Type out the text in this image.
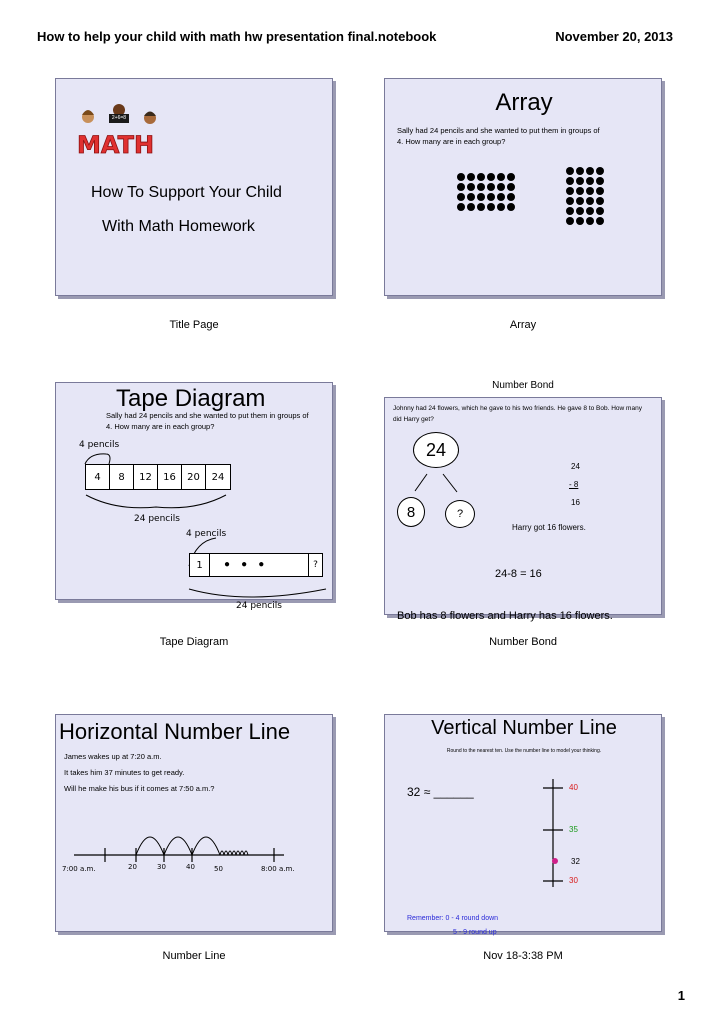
How to help your child with math hw presentation final.notebook	November 20, 2013
MATH
2+6=8
How To Support Your Child
With Math Homework
Title Page
Array
Sally had 24 pencils and she wanted to put them in groups of 4. How many are in each group?
Array
Tape Diagram
Sally had 24 pencils and she wanted to put them in groups of 4. How many are in each group?
4 pencils
4	8	12	16	20	24
24 pencils
4 pencils
1	●    ●    ●	?
24 pencils
Tape Diagram
Number Bond
Johnny had 24 flowers, which he gave to his two friends. He gave 8 to Bob. How many did Harry get?
24
8	?
24
- 8
16
Harry got 16 flowers.
24-8 = 16
Bob has 8 flowers and Harry has 16 flowers.
Number Bond
Horizontal Number Line
James wakes up at 7:20 a.m.
It takes him 37 minutes to get ready.
Will he make his bus if it comes at 7:50 a.m.?
7:00 a.m.	20	30	40	50	8:00 a.m.
Number Line
Vertical Number Line
Round to the nearest ten. Use the number line to model your thinking.
32 ≈ ______	40
35
32
30
Remember: 0 - 4 round down
5 - 9 round up
Nov 18-3:38 PM
1
